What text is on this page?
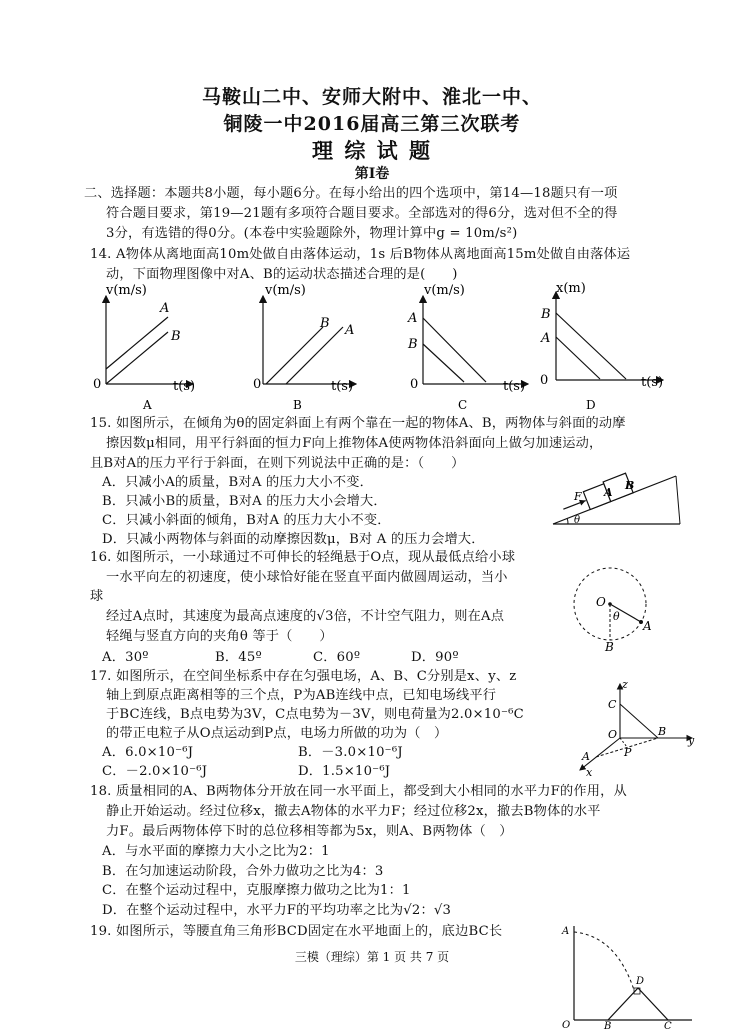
马鞍山二中、安师大附中、淮北一中、
铜陵一中2016届高三第三次联考
理 综 试 题
第Ⅰ卷
二、选择题：本题共8小题，每小题6分。在每小给出的四个选项中，第14—18题只有一项
符合题目要求，第19—21题有多项符合题目要求。全部选对的得6分，选对但不全的得
3分，有选错的得0分。(本卷中实验题除外，物理计算中g = 10m/s²)
14. A物体从离地面高10m处做自由落体运动，1s 后B物体从离地面高15m处做自由落体运
动，下面物理图像中对A、B的运动状态描述合理的是(　　)
v(m/s)
t(s)
0
A
B
v(m/s)
t(s)
0
B A
v(m/s)
t(s)
0
A
B
x(m)
t(s)
0
B
A
A	B	C	D
15. 如图所示，在倾角为θ的固定斜面上有两个靠在一起的物体A、B，两物体与斜面的动摩
擦因数μ相同，用平行斜面的恒力F向上推物体A使两物体沿斜面向上做匀加速运动，
且B对A的压力平行于斜面，在则下列说法中正确的是：（　　）
A．只减小A的质量，B对A 的压力大小不变．
B．只减小B的质量，B对A 的压力大小会增大．
C．只减小斜面的倾角，B对A 的压力大小不变．
D．只减小两物体与斜面的动摩擦因数μ，B对 A 的压力会增大．
F A
B
θ
16. 如图所示，一小球通过不可伸长的轻绳悬于O点，现从最低点给小球
一水平向左的初速度，使小球恰好能在竖直平面内做圆周运动，当小
球
经过A点时，其速度为最高点速度的√3倍，不计空气阻力，则在A点
轻绳与竖直方向的夹角θ 等于（　　）
A．30º	B．45º	C．60º	D．90º
O
θ
A
B
17. 如图所示，在空间坐标系中存在匀强电场，A、B、C分别是x、y、z
轴上到原点距离相等的三个点，P为AB连线中点，已知电场线平行
于BC连线，B点电势为3V，C点电势为－3V，则电荷量为2.0×10⁻⁶C
的带正电粒子从O点运动到P点，电场力所做的功为（　）
A．6.0×10⁻⁶J	B．－3.0×10⁻⁶J
C．－2.0×10⁻⁶J	D．1.5×10⁻⁶J
z
C
O	B
y
A	P
x
18. 质量相同的A、B两物体分开放在同一水平面上，都受到大小相同的水平力F的作用，从
静止开始运动。经过位移x，撤去A物体的水平力F；经过位移2x，撤去B物体的水平
力F。最后两物体停下时的总位移相等都为5x，则A、B两物体（　）
A．与水平面的摩擦力大小之比为2：1
B．在匀加速运动阶段，合外力做功之比为4：3
C．在整个运动过程中，克服摩擦力做功之比为1：1
D．在整个运动过程中，水平力F的平均功率之比为√2：√3
19. 如图所示，等腰直角三角形BCD固定在水平地面上的，底边BC长	A
D
O	B	C
三模（理综）第 1 页 共 7 页
